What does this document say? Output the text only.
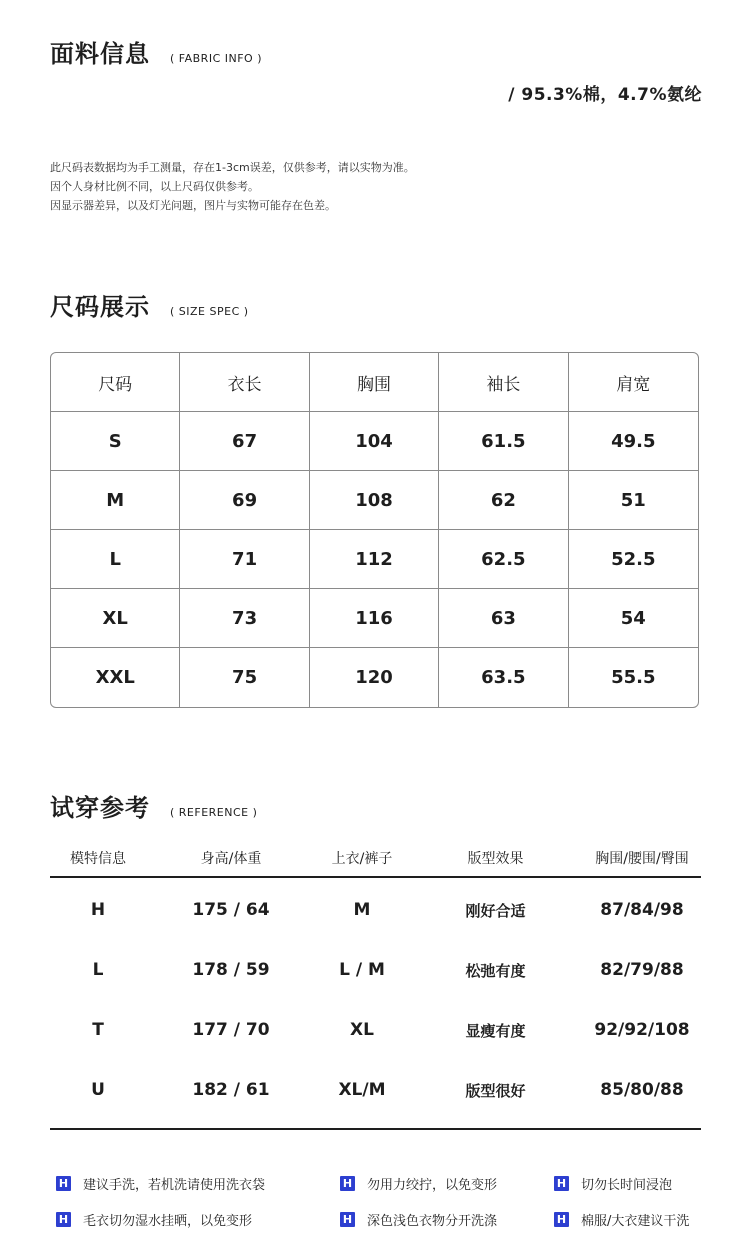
面料信息 ( FABRIC INFO )
/ 95.3%棉，4.7%氨纶
此尺码表数据均为手工测量，存在1-3cm误差，仅供参考，请以实物为准。
因个人身材比例不同，以上尺码仅供参考。
因显示器差异，以及灯光问题，图片与实物可能存在色差。
尺码展示 ( SIZE SPEC )
尺码	衣长	胸围	袖长	肩宽
S	67	104	61.5	49.5
M	69	108	62	51
L	71	112	62.5	52.5
XL	73	116	63	54
XXL	75	120	63.5	55.5
试穿参考 ( REFERENCE )
模特信息	身高/体重	上衣/裤子	版型效果	胸围/腰围/臀围
H	175 / 64	M	刚好合适	87/84/98
L	178 / 59	L / M	松弛有度	82/79/88
T	177 / 70	XL	显瘦有度	92/92/108
U	182 / 61	XL/M	版型很好	85/80/88
H 建议手洗，若机洗请使用洗衣袋	H 勿用力绞拧，以免变形	H 切勿长时间浸泡
H 毛衣切勿湿水挂晒，以免变形	H 深色浅色衣物分开洗涤	H 棉服/大衣建议干洗
